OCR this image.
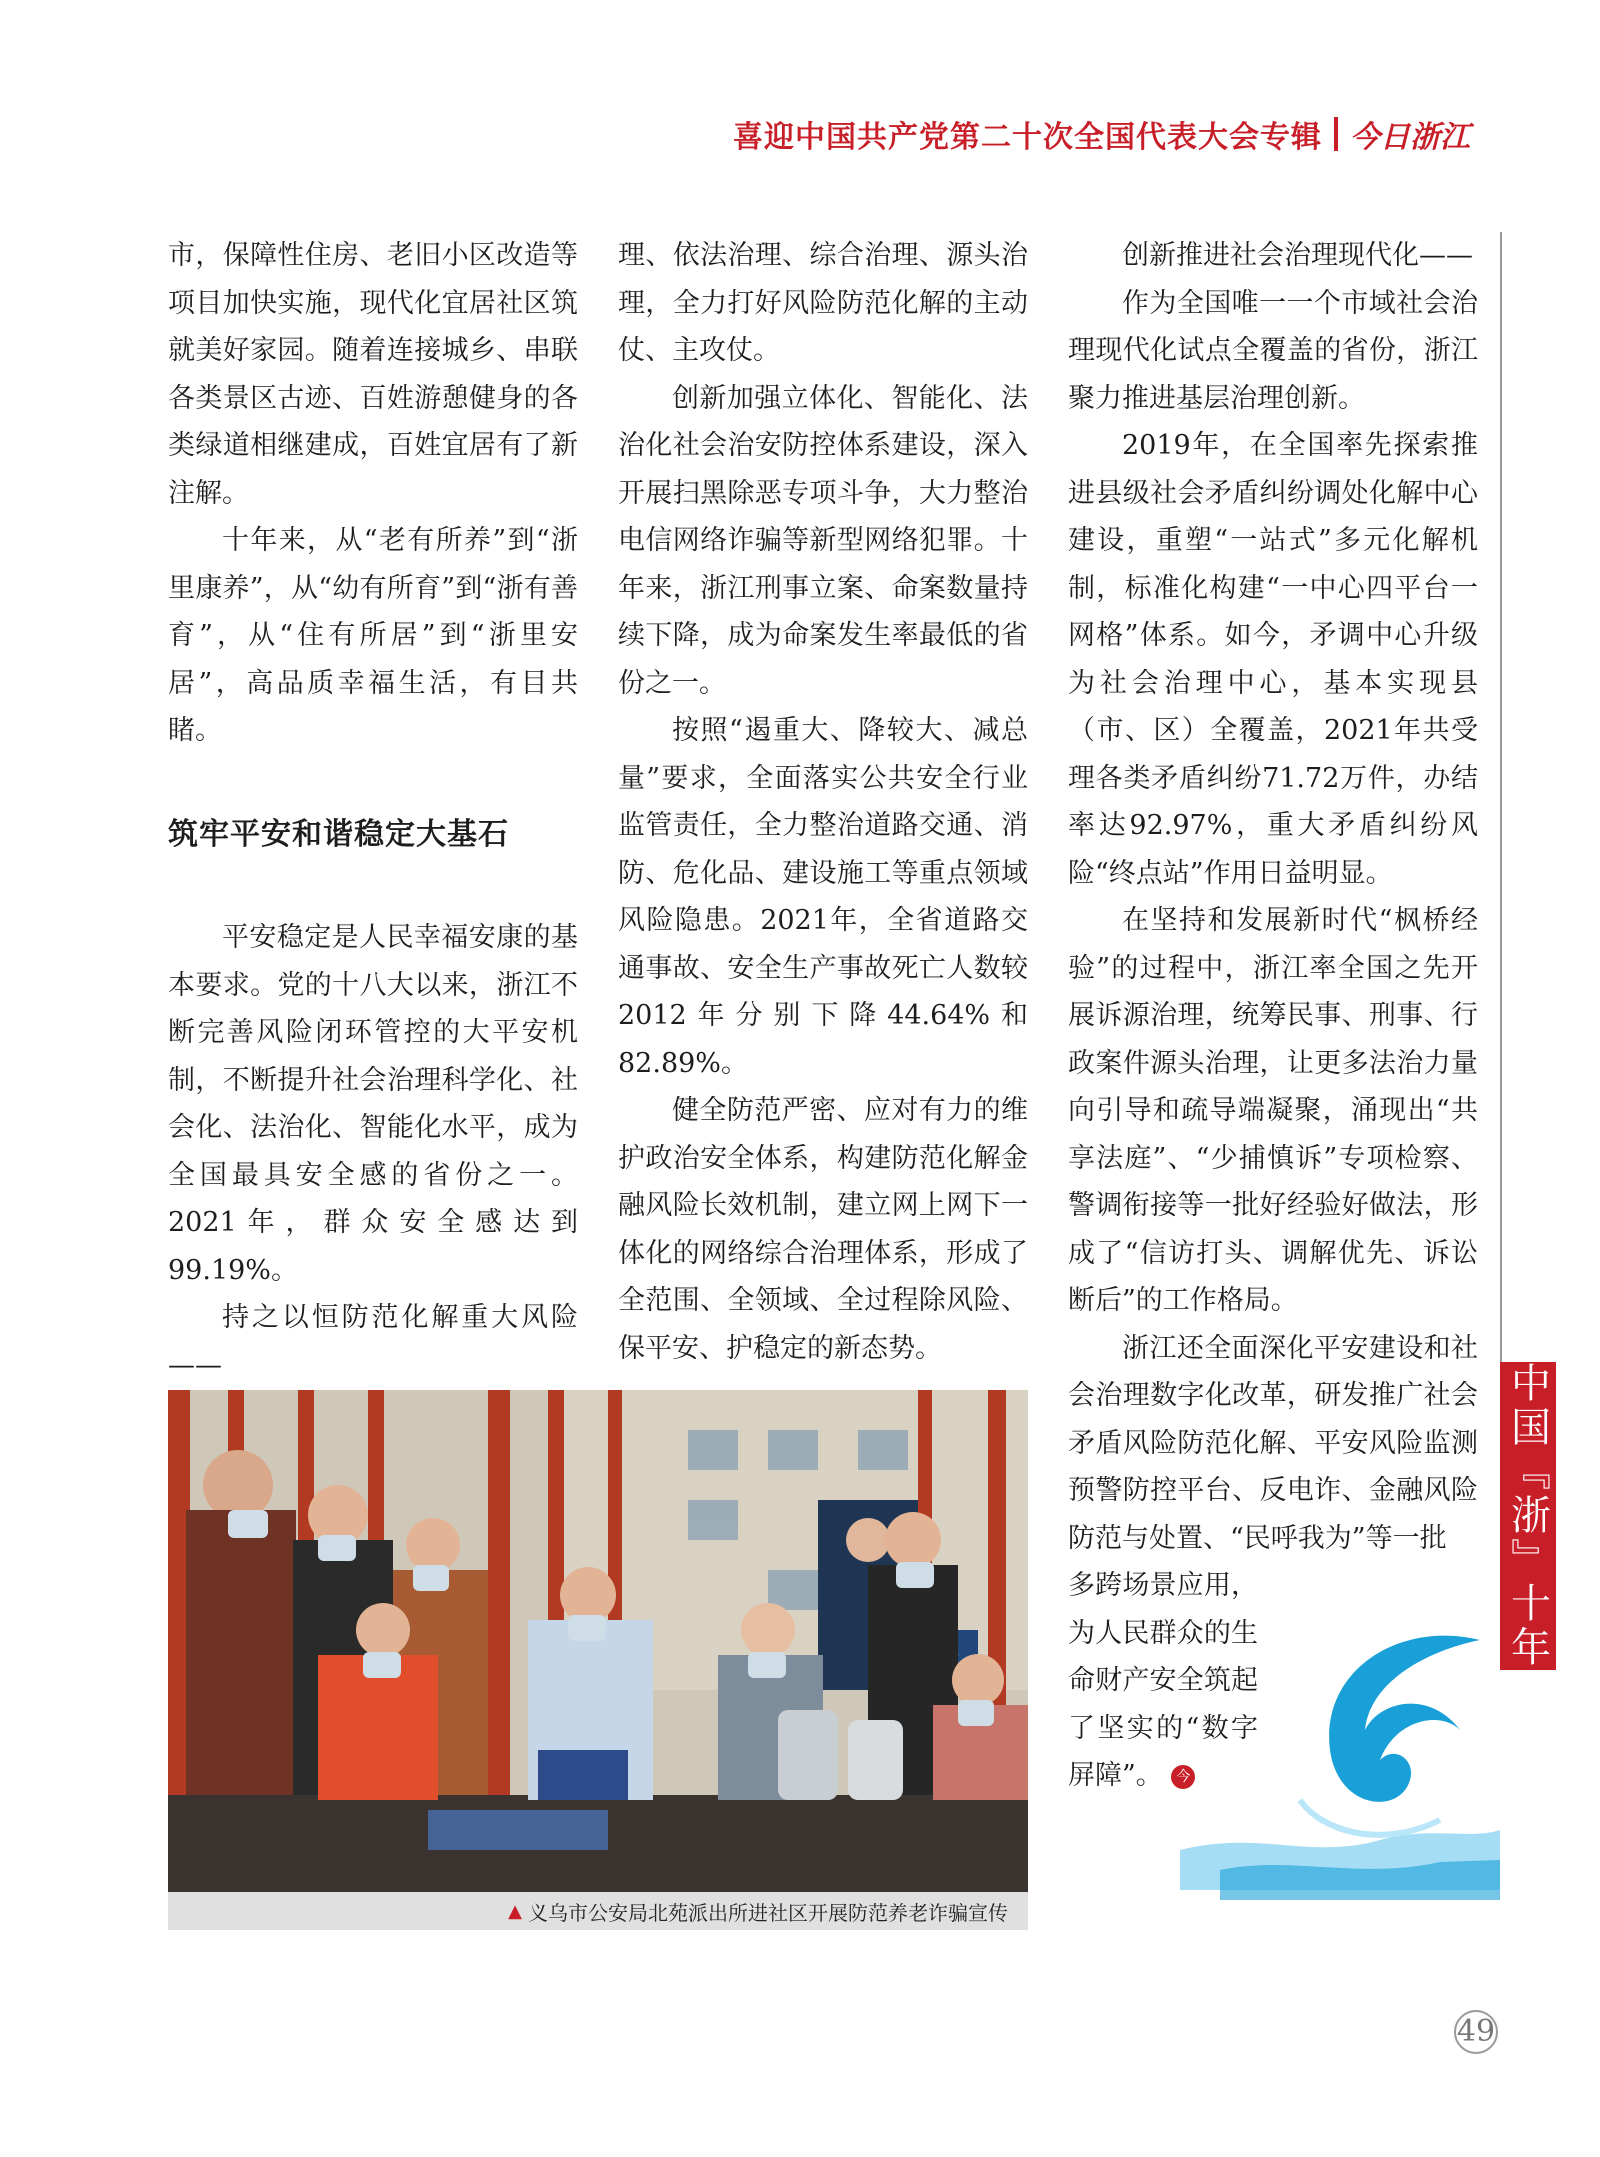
喜迎中国共产党第二十次全国代表大会专辑 今日浙江

市，保障性住房、老旧小区改造等项目加快实施，现代化宜居社区筑就美好家园。随着连接城乡、串联各类景区古迹、百姓游憩健身的各类绿道相继建成，百姓宜居有了新注解。

十年来，从“老有所养”到“浙里康养”，从“幼有所育”到“浙有善育”，从“住有所居”到“浙里安居”，高品质幸福生活，有目共睹。

筑牢平安和谐稳定大基石

平安稳定是人民幸福安康的基本要求。党的十八大以来，浙江不断完善风险闭环管控的大平安机制，不断提升社会治理科学化、社会化、法治化、智能化水平，成为全国最具安全感的省份之一。2021年，群众安全感达到99.19%。

持之以恒防范化解重大风险——

理、依法治理、综合治理、源头治理，全力打好风险防范化解的主动仗、主攻仗。

创新加强立体化、智能化、法治化社会治安防控体系建设，深入开展扫黑除恶专项斗争，大力整治电信网络诈骗等新型网络犯罪。十年来，浙江刑事立案、命案数量持续下降，成为命案发生率最低的省份之一。

按照“遏重大、降较大、减总量”要求，全面落实公共安全行业监管责任，全力整治道路交通、消防、危化品、建设施工等重点领域风险隐患。2021年，全省道路交通事故、安全生产事故死亡人数较2012年分别下降44.64%和82.89%。

健全防范严密、应对有力的维护政治安全体系，构建防范化解金融风险长效机制，建立网上网下一体化的网络综合治理体系，形成了全范围、全领域、全过程除风险、保平安、护稳定的新态势。

创新推进社会治理现代化——

作为全国唯一一个市域社会治理现代化试点全覆盖的省份，浙江聚力推进基层治理创新。

2019年，在全国率先探索推进县级社会矛盾纠纷调处化解中心建设，重塑“一站式”多元化解机制，标准化构建“一中心四平台一网格”体系。如今，矛调中心升级为社会治理中心，基本实现县（市、区）全覆盖，2021年共受理各类矛盾纠纷71.72万件，办结率达92.97%，重大矛盾纠纷风险“终点站”作用日益明显。

在坚持和发展新时代“枫桥经验”的过程中，浙江率全国之先开展诉源治理，统筹民事、刑事、行政案件源头治理，让更多法治力量向引导和疏导端凝聚，涌现出“共享法庭”、“少捕慎诉”专项检察、警调衔接等一批好经验好做法，形成了“信访打头、调解优先、诉讼断后”的工作格局。

浙江还全面深化平安建设和社会治理数字化改革，研发推广社会矛盾风险防范化解、平安风险监测预警防控平台、反电诈、金融风险防范与处置、“民呼我为”等一批

多跨场景应用，为人民群众的生命财产安全筑起了坚实的“数字屏障”。 今

中国『浙』十年
▲ 义乌市公安局北苑派出所进社区开展防范养老诈骗宣传
49
